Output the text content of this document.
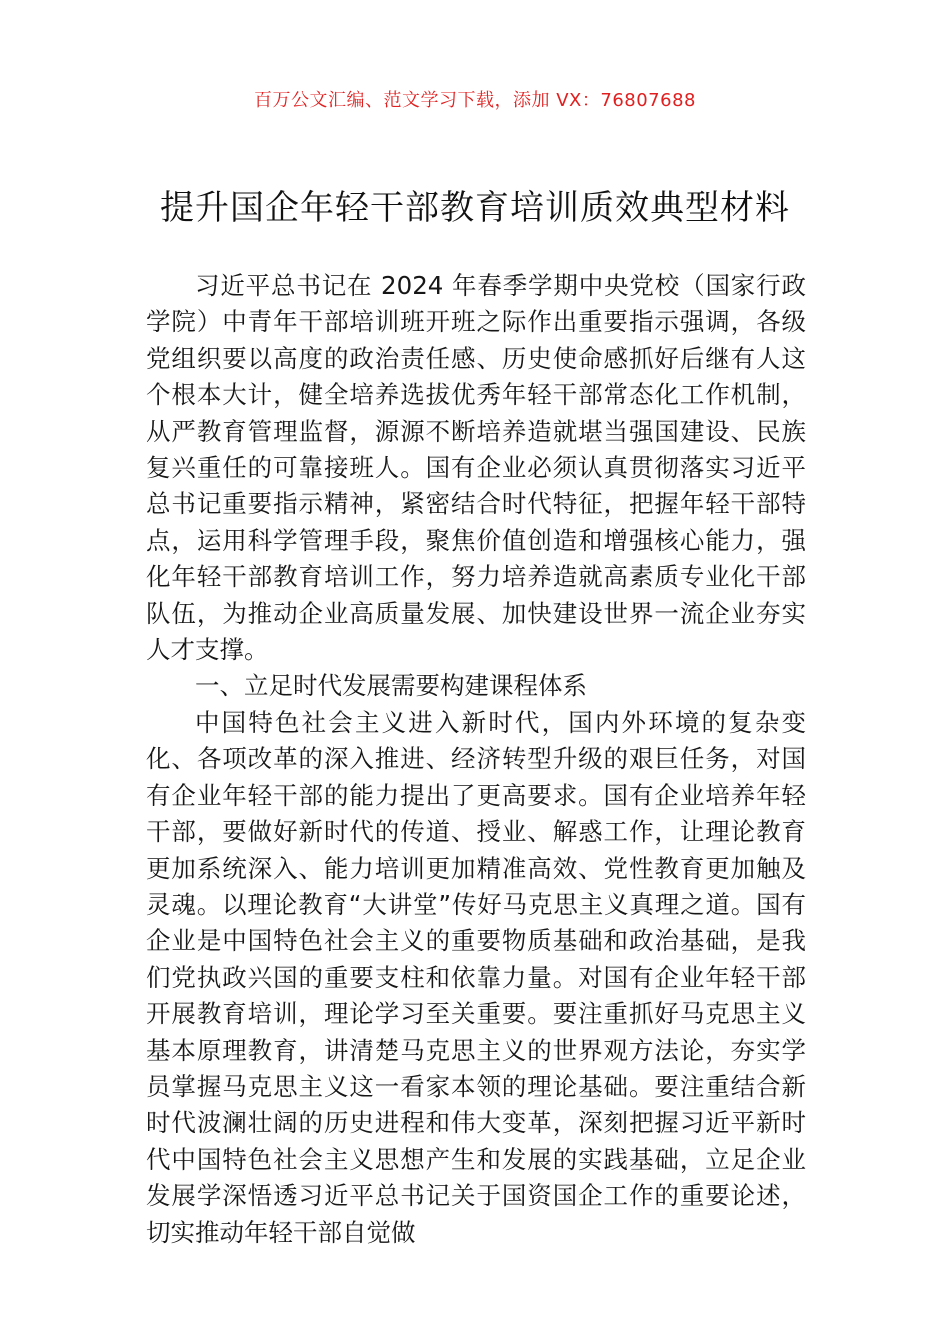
百万公文汇编、范文学习下载，添加 VX：76807688
提升国企年轻干部教育培训质效典型材料

习近平总书记在 2024 年春季学期中央党校（国家行政学院）中青年干部培训班开班之际作出重要指示强调，各级党组织要以高度的政治责任感、历史使命感抓好后继有人这个根本大计，健全培养选拔优秀年轻干部常态化工作机制，从严教育管理监督，源源不断培养造就堪当强国建设、民族复兴重任的可靠接班人。国有企业必须认真贯彻落实习近平总书记重要指示精神，紧密结合时代特征，把握年轻干部特点，运用科学管理手段，聚焦价值创造和增强核心能力，强化年轻干部教育培训工作，努力培养造就高素质专业化干部队伍，为推动企业高质量发展、加快建设世界一流企业夯实人才支撑。

一、立足时代发展需要构建课程体系

中国特色社会主义进入新时代，国内外环境的复杂变化、各项改革的深入推进、经济转型升级的艰巨任务，对国有企业年轻干部的能力提出了更高要求。国有企业培养年轻干部，要做好新时代的传道、授业、解惑工作，让理论教育更加系统深入、能力培训更加精准高效、党性教育更加触及灵魂。以理论教育“大讲堂”传好马克思主义真理之道。国有企业是中国特色社会主义的重要物质基础和政治基础，是我们党执政兴国的重要支柱和依靠力量。对国有企业年轻干部开展教育培训，理论学习至关重要。要注重抓好马克思主义基本原理教育，讲清楚马克思主义的世界观方法论，夯实学员掌握马克思主义这一看家本领的理论基础。要注重结合新时代波澜壮阔的历史进程和伟大变革，深刻把握习近平新时代中国特色社会主义思想产生和发展的实践基础，立足企业发展学深悟透习近平总书记关于国资国企工作的重要论述，切实推动年轻干部自觉做
